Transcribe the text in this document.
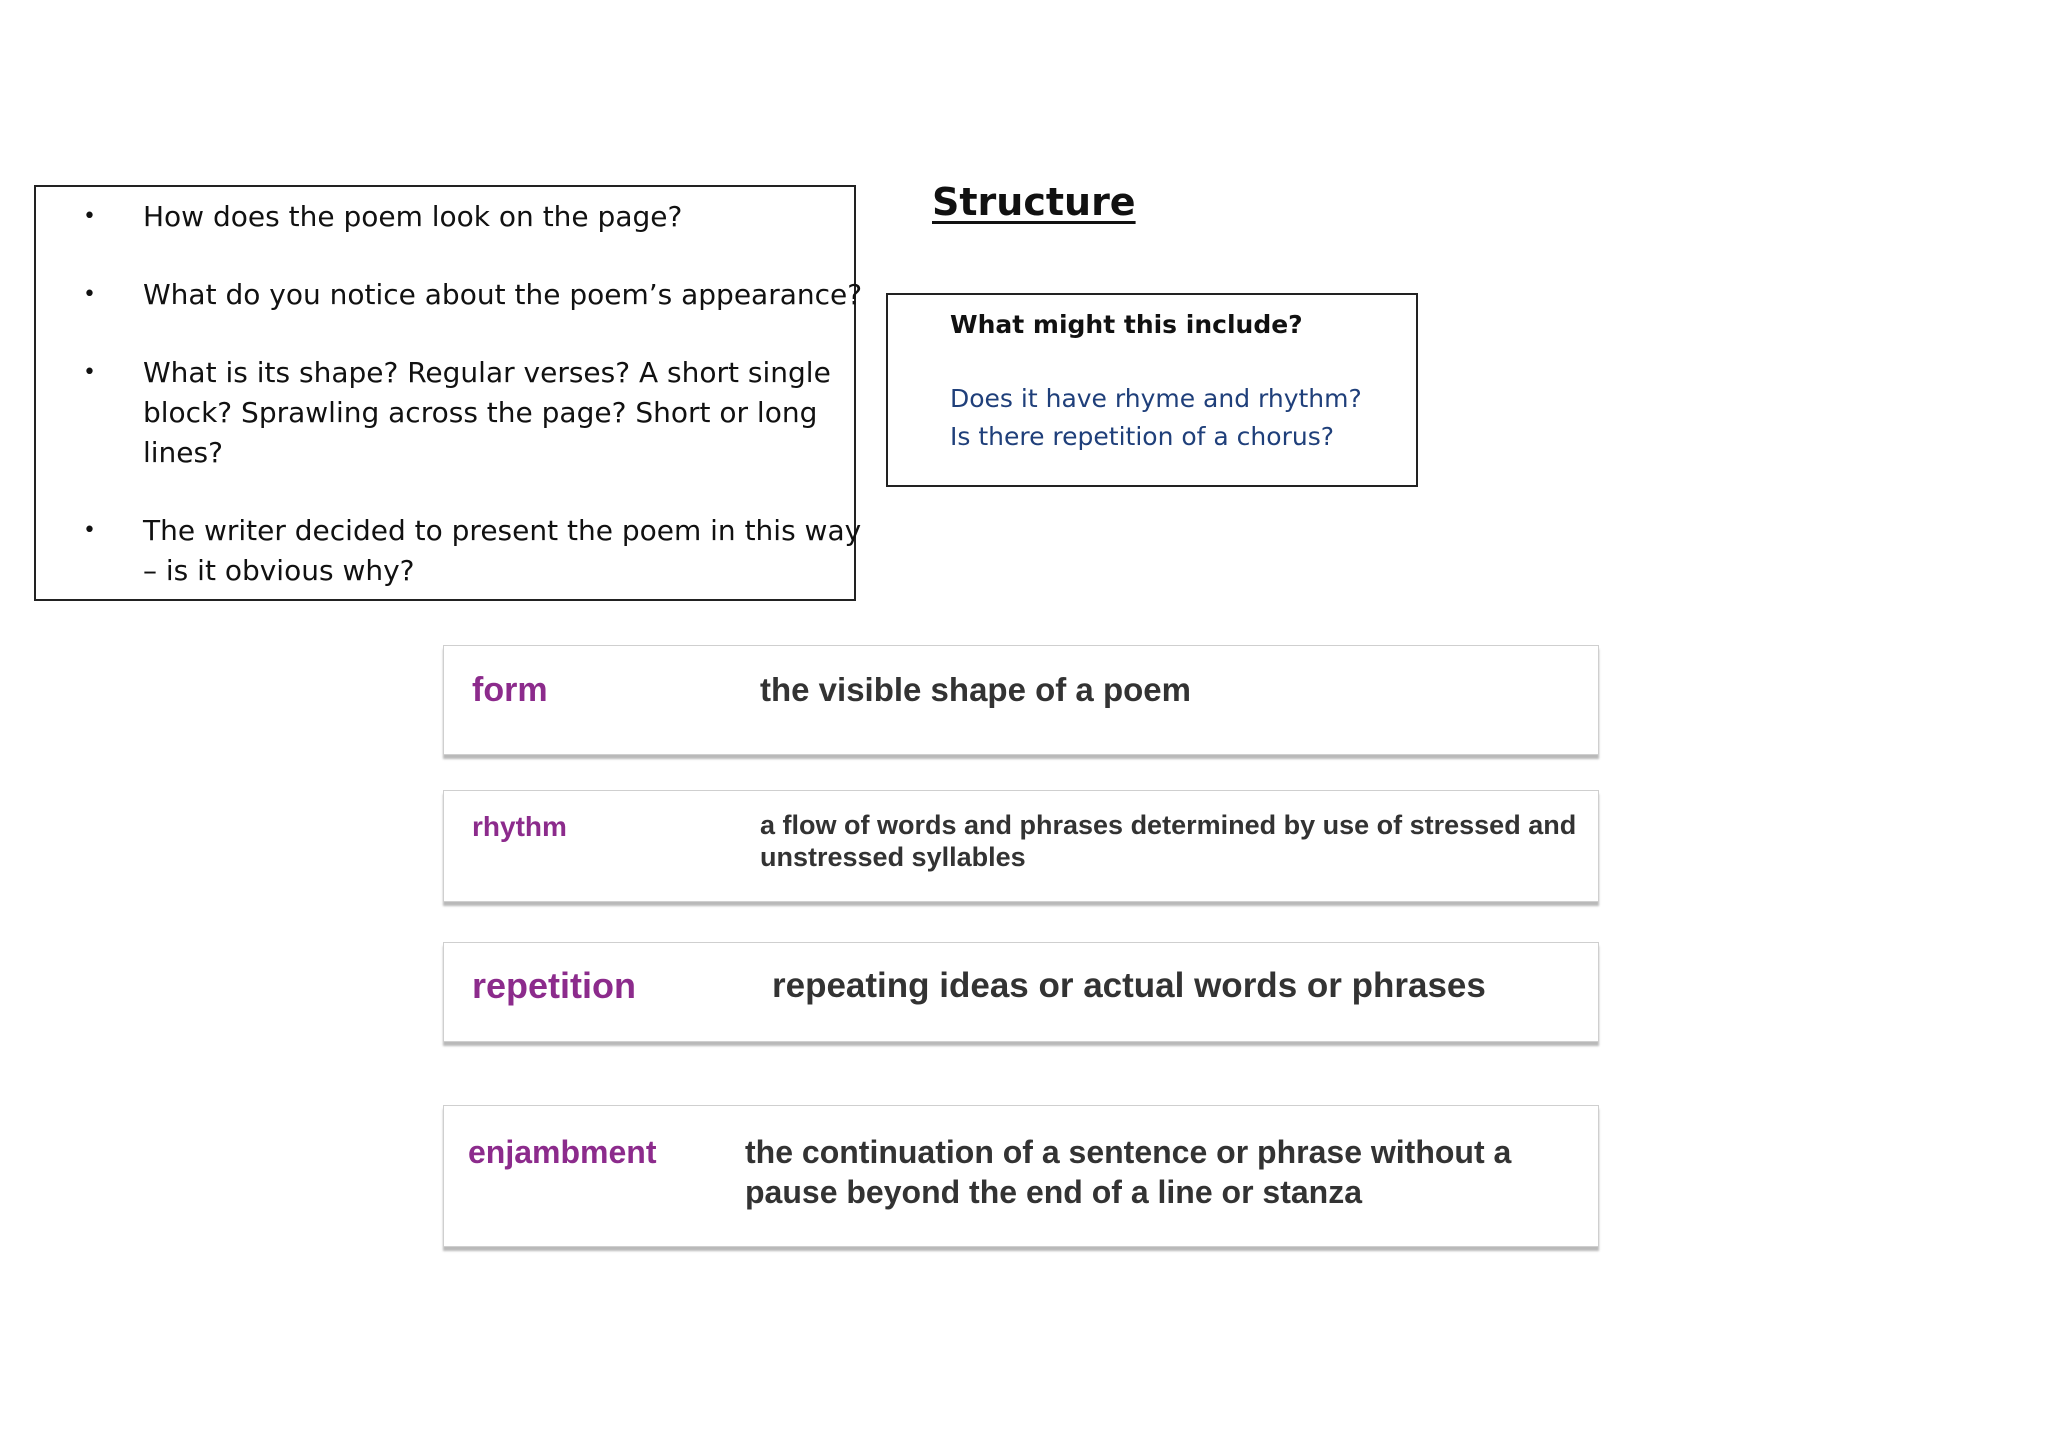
• How does the poem look on the page?
• What do you notice about the poem’s appearance?
• What is its shape? Regular verses? A short single block? Sprawling across the page? Short or long lines?
• The writer decided to present the poem in this way – is it obvious why?
Structure
What might this include?
Does it have rhyme and rhythm?
Is there repetition of a chorus?
form	the visible shape of a poem
rhythm	a flow of words and phrases determined by use of stressed and unstressed syllables
repetition	repeating ideas or actual words or phrases
enjambment	the continuation of a sentence or phrase without a pause beyond the end of a line or stanza
